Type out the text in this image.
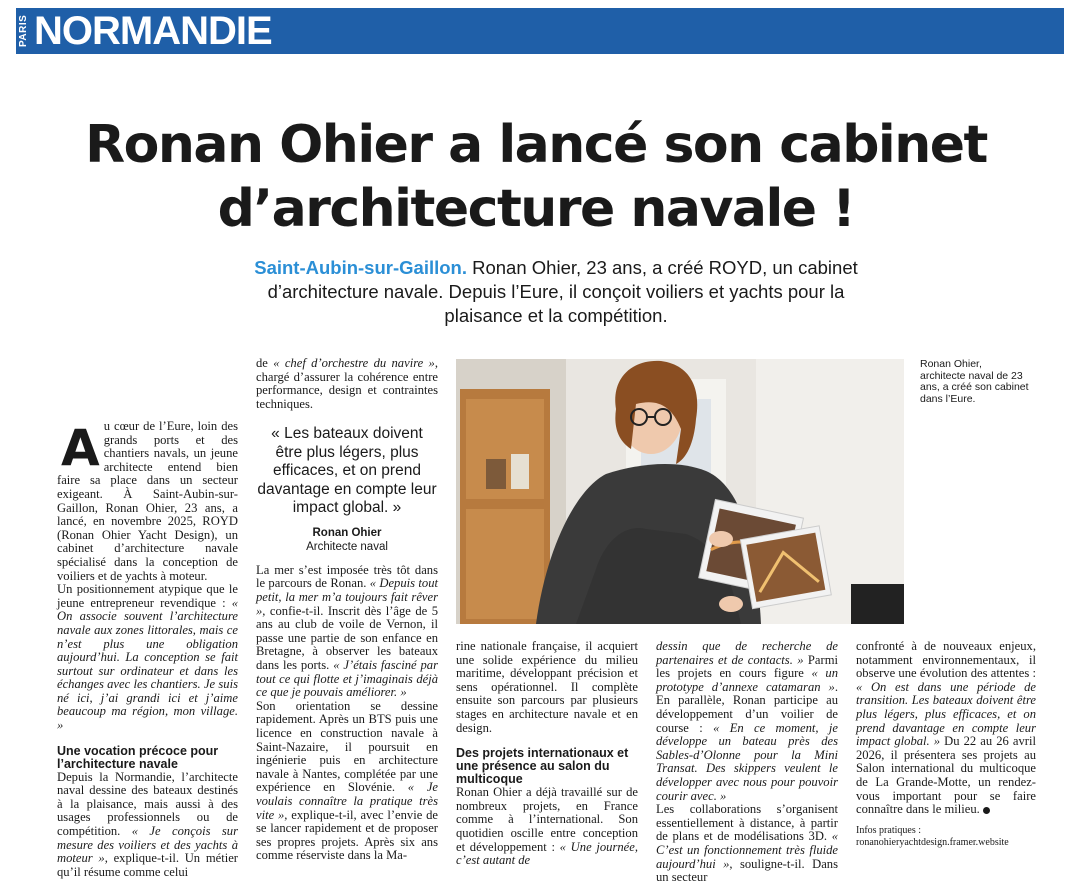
PARIS NORMANDIE
Ronan Ohier a lancé son cabinet
d’architecture navale !
Saint-Aubin-sur-Gaillon. Ronan Ohier, 23 ans, a créé ROYD, un cabinet d’architecture navale. Depuis l’Eure, il conçoit voiliers et yachts pour la plaisance et la compétition.

Au cœur de l’Eure, loin des grands ports et des chantiers navals, un jeune architecte entend bien faire sa place dans un secteur exigeant. À Saint-Aubin-sur-Gaillon, Ronan Ohier, 23 ans, a lancé, en novembre 2025, ROYD (Ronan Ohier Yacht Design), un cabinet d’architecture navale spécialisé dans la conception de voiliers et de yachts à moteur.

Un positionnement atypique que le jeune entrepreneur revendique : « On associe souvent l’architecture navale aux zones littorales, mais ce n’est plus une obligation aujourd’hui. La conception se fait surtout sur ordinateur et dans les échanges avec les chantiers. Je suis né ici, j’ai grandi ici et j’aime beaucoup ma région, mon village. »

Une vocation précoce pour l’architecture navale

Depuis la Normandie, l’architecte naval dessine des bateaux destinés à la plaisance, mais aussi à des usages professionnels ou de compétition. « Je conçois sur mesure des voiliers et des yachts à moteur », explique-t-il. Un métier qu’il résume comme celui

de « chef d’orchestre du navire », chargé d’assurer la cohérence entre performance, design et contraintes techniques.

« Les bateaux doivent être plus légers, plus efficaces, et on prend davantage en compte leur impact global. »

Ronan Ohier

Architecte naval

La mer s’est imposée très tôt dans le parcours de Ronan. « Depuis tout petit, la mer m’a toujours fait rêver », confie-t-il. Inscrit dès l’âge de 5 ans au club de voile de Vernon, il passe une partie de son enfance en Bretagne, à observer les bateaux dans les ports. « J’étais fasciné par tout ce qui flotte et j’imaginais déjà ce que je pouvais améliorer. »

Son orientation se dessine rapidement. Après un BTS puis une licence en construction navale à Saint-Nazaire, il poursuit en ingénierie puis en architecture navale à Nantes, complétée par une expérience en Slovénie. « Je voulais connaître la pratique très vite », explique-t-il, avec l’envie de se lancer rapidement et de proposer ses propres projets. Après six ans comme réserviste dans la Ma-

Ronan Ohier, architecte naval de 23 ans, a créé son cabinet dans l’Eure.

rine nationale française, il acquiert une solide expérience du milieu maritime, développant précision et sens opérationnel. Il complète ensuite son parcours par plusieurs stages en architecture navale et en design.

Des projets internationaux et une présence au salon du multicoque

Ronan Ohier a déjà travaillé sur de nombreux projets, en France comme à l’international. Son quotidien oscille entre conception et développement : « Une journée, c’est autant de

dessin que de recherche de partenaires et de contacts. » Parmi les projets en cours figure « un prototype d’annexe catamaran ». En parallèle, Ronan participe au développement d’un voilier de course : « En ce moment, je développe un bateau près des Sables-d’Olonne pour la Mini Transat. Des skippers veulent le développer avec nous pour pouvoir courir avec. »

Les collaborations s’organisent essentiellement à distance, à partir de plans et de modélisations 3D. « C’est un fonctionnement très fluide aujourd’hui », souligne-t-il. Dans un secteur

confronté à de nouveaux enjeux, notamment environnementaux, il observe une évolution des attentes : « On est dans une période de transition. Les bateaux doivent être plus légers, plus efficaces, et on prend davantage en compte leur impact global. » Du 22 au 26 avril 2026, il présentera ses projets au Salon international du multicoque de La Grande-Motte, un rendez-vous important pour se faire connaître dans le milieu.

Infos pratiques :
ronanohieryachtdesign.framer.website
